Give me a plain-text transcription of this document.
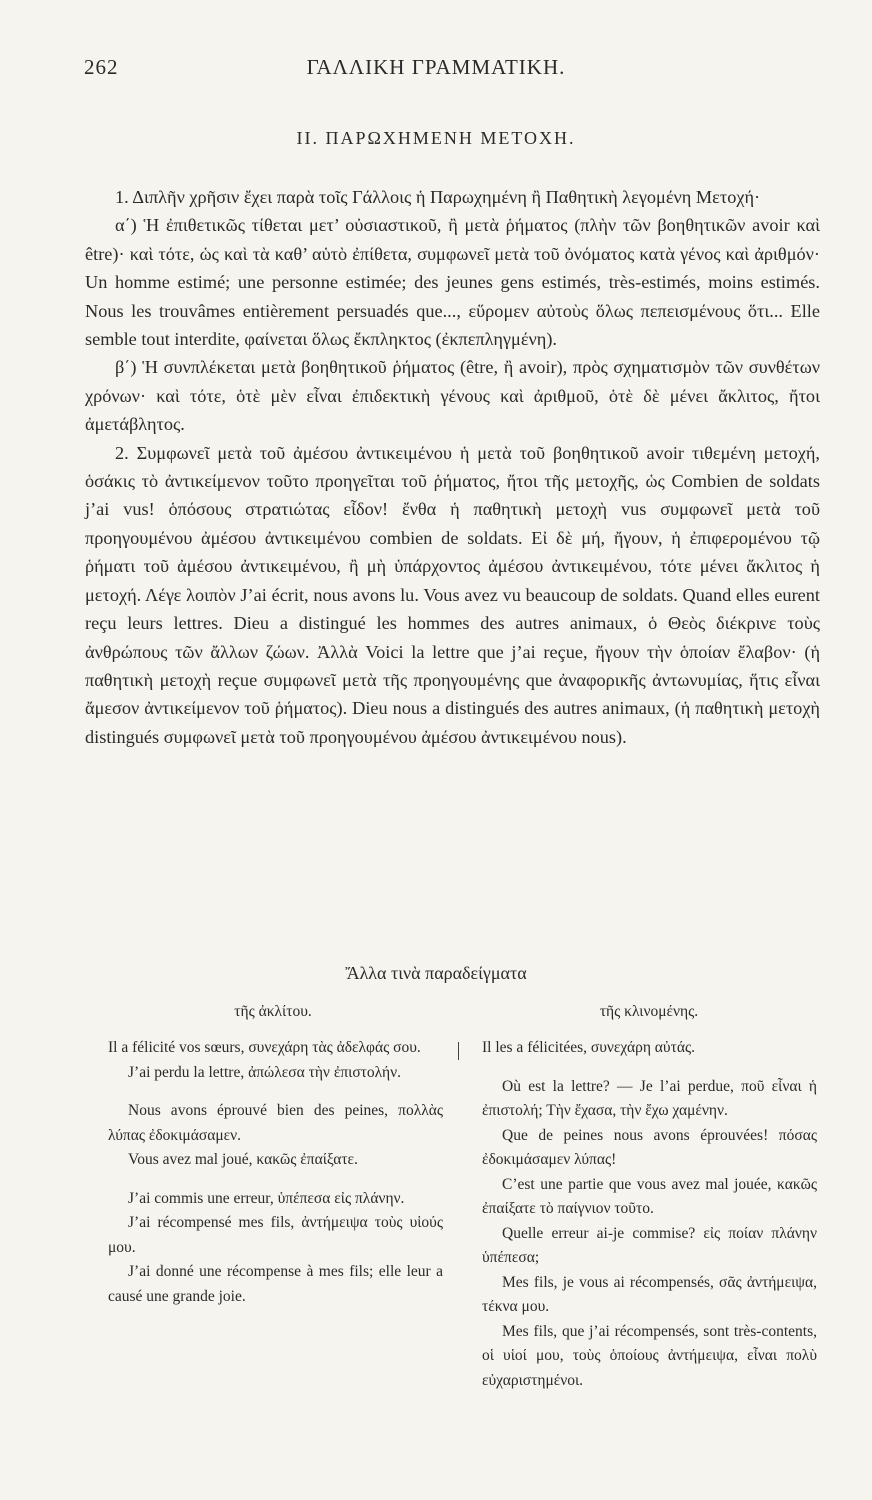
262	ΓΑΛΛΙΚΗ ΓΡΑΜΜΑΤΙΚΗ.
II. ΠΑΡΩΧΗΜΕΝΗ ΜΕΤΟΧΗ.

1. Διπλῆν χρῆσιν ἔχει παρὰ τοῖς Γάλλοις ἡ Παρωχημένη ἢ Παθητικὴ λεγομένη Μετοχή·

α΄) Ἡ ἐπιθετικῶς τίθεται μετ’ οὐσιαστικοῦ, ἢ μετὰ ῥήματος (πλὴν τῶν βοηθητικῶν avoir καὶ être)· καὶ τότε, ὡς καὶ τὰ καθ’ αὑτὸ ἐπίθετα, συμφωνεῖ μετὰ τοῦ ὀνόματος κατὰ γένος καὶ ἀριθμόν· Un homme estimé; une personne estimée; des jeunes gens estimés, très-estimés, moins estimés. Nous les trouvâmes entièrement persuadés que..., εὕρομεν αὐτοὺς ὅλως πεπεισμένους ὅτι... Elle semble tout interdite, φαίνεται ὅλως ἔκπληκτος (ἐκπεπληγμένη).

β΄) Ἡ συνπλέκεται μετὰ βοηθητικοῦ ῥήματος (être, ἢ avoir), πρὸς σχηματισμὸν τῶν συνθέτων χρόνων· καὶ τότε, ὁτὲ μὲν εἶναι ἐπιδεκτικὴ γένους καὶ ἀριθμοῦ, ὁτὲ δὲ μένει ἄκλιτος, ἤτοι ἀμετάβλητος.

2. Συμφωνεῖ μετὰ τοῦ ἀμέσου ἀντικειμένου ἡ μετὰ τοῦ βοηθητικοῦ avoir τιθεμένη μετοχή, ὁσάκις τὸ ἀντικείμενον τοῦτο προηγεῖται τοῦ ῥήματος, ἤτοι τῆς μετοχῆς, ὡς Combien de soldats j’ai vus! ὁπόσους στρατιώτας εἶδον! ἔνθα ἡ παθητικὴ μετοχὴ vus συμφωνεῖ μετὰ τοῦ προηγουμένου ἀμέσου ἀντικειμένου combien de soldats. Εἰ δὲ μή, ἤγουν, ἡ ἐπιφερομένου τῷ ῥήματι τοῦ ἀμέσου ἀντικειμένου, ἢ μὴ ὑπάρχοντος ἀμέσου ἀντικειμένου, τότε μένει ἄκλιτος ἡ μετοχή. Λέγε λοιπὸν J’ai écrit, nous avons lu. Vous avez vu beaucoup de soldats. Quand elles eurent reçu leurs lettres. Dieu a distingué les hommes des autres animaux, ὁ Θεὸς διέκρινε τοὺς ἀνθρώπους τῶν ἄλλων ζώων. Ἀλλὰ Voici la lettre que j’ai reçue, ἤγουν τὴν ὁποίαν ἔλαβον· (ἡ παθητικὴ μετοχὴ reçue συμφωνεῖ μετὰ τῆς προηγουμένης que ἀναφορικῆς ἀντωνυμίας, ἥτις εἶναι ἄμεσον ἀντικείμενον τοῦ ῥήματος). Dieu nous a distingués des autres animaux, (ἡ παθητικὴ μετοχὴ distingués συμφωνεῖ μετὰ τοῦ προηγουμένου ἀμέσου ἀντικειμένου nous).

Ἄλλα τινὰ παραδείγματα
τῆς ἀκλίτου.	τῆς κλινομένης.

Il a félicité vos sœurs, συνεχάρη τὰς ἀδελφάς σου.

J’ai perdu la lettre, ἀπώλεσα τὴν ἐπιστολήν.

Nous avons éprouvé bien des peines, πολλὰς λύπας ἐδοκιμάσαμεν.

Vous avez mal joué, κακῶς ἐπαίξατε.

J’ai commis une erreur, ὑπέπεσα εἰς πλάνην.

J’ai récompensé mes fils, ἀντήμειψα τοὺς υἱούς μου.

J’ai donné une récompense à mes fils; elle leur a causé une grande joie.

Il les a félicitées, συνεχάρη αὐτάς.

Où est la lettre? — Je l’ai perdue, ποῦ εἶναι ἡ ἐπιστολή; Τὴν ἔχασα, τὴν ἔχω χαμένην.

Que de peines nous avons éprouvées! πόσας ἐδοκιμάσαμεν λύπας!

C’est une partie que vous avez mal jouée, κακῶς ἐπαίξατε τὸ παίγνιον τοῦτο.

Quelle erreur ai-je commise? εἰς ποίαν πλάνην ὑπέπεσα;

Mes fils, je vous ai récompensés, σᾶς ἀντήμειψα, τέκνα μου.

Mes fils, que j’ai récompensés, sont très-contents, οἱ υἱοί μου, τοὺς ὁποίους ἀντήμειψα, εἶναι πολὺ εὐχαριστημένοι.
